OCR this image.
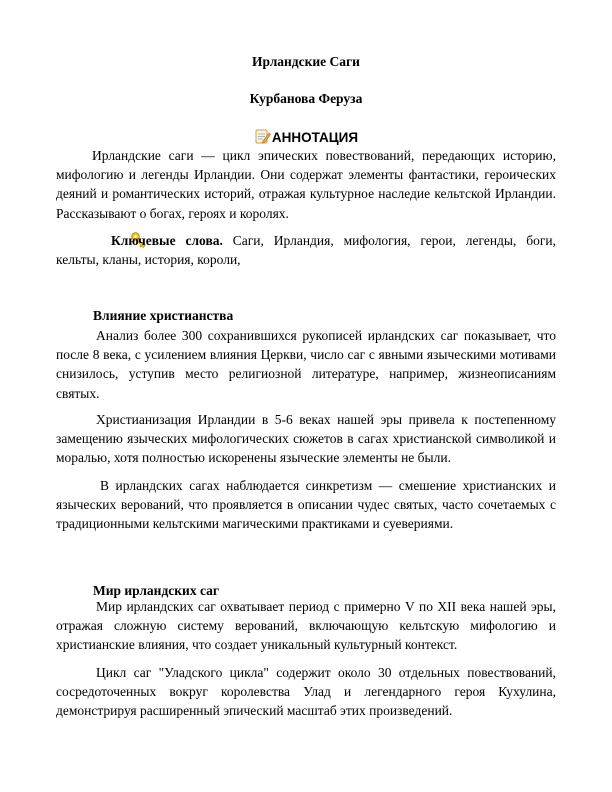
Ирландские Саги
Курбанова Феруза
АННОТАЦИЯ

Ирландские саги — цикл эпических повествований, передающих историю, мифологию и легенды Ирландии. Они содержат элементы фантастики, героических деяний и романтических историй, отражая культурное наследие кельтской Ирландии. Рассказывают о богах, героях и королях.

Ключевые слова. Саги, Ирландия, мифология, герои, легенды, боги, кельты, кланы, история, короли,

Влияние христианства

Анализ более 300 сохранившихся рукописей ирландских саг показывает, что после 8 века, с усилением влияния Церкви, число саг с явными языческими мотивами снизилось, уступив место религиозной литературе, например, жизнеописаниям святых.

Христианизация Ирландии в 5-6 веках нашей эры привела к постепенному замещению языческих мифологических сюжетов в сагах христианской символикой и моралью, хотя полностью искоренены языческие элементы не были.

В ирландских сагах наблюдается синкретизм — смешение христианских и языческих верований, что проявляется в описании чудес святых, часто сочетаемых с традиционными кельтскими магическими практиками и суевериями.

Мир ирландских саг

Мир ирландских саг охватывает период с примерно V по XII века нашей эры, отражая сложную систему верований, включающую кельтскую мифологию и христианские влияния, что создает уникальный культурный контекст.

Цикл саг "Уладского цикла" содержит около 30 отдельных повествований, сосредоточенных вокруг королевства Улад и легендарного героя Кухулина, демонстрируя расширенный эпический масштаб этих произведений.
